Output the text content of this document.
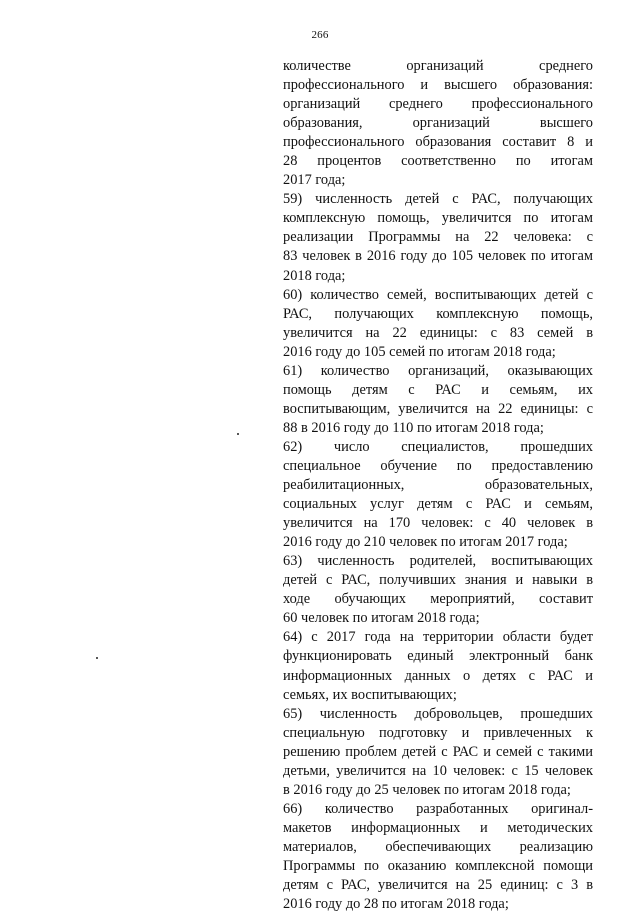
266
количестве организаций среднего
профессионального и высшего образования:
организаций среднего профессионального
образования, организаций высшего
профессионального образования составит 8 и
28 процентов соответственно по итогам
2017 года;
59) численность детей с РАС, получающих
комплексную помощь, увеличится по итогам
реализации Программы на 22 человека: с
83 человек в 2016 году до 105 человек по итогам
2018 года;
60) количество семей, воспитывающих детей с
РАС, получающих комплексную помощь,
увеличится на 22 единицы: с 83 семей в
2016 году до 105 семей по итогам 2018 года;
61) количество организаций, оказывающих
помощь детям с РАС и семьям, их
воспитывающим, увеличится на 22 единицы: с
88 в 2016 году до 110 по итогам 2018 года;
62) число специалистов, прошедших
специальное обучение по предоставлению
реабилитационных, образовательных,
социальных услуг детям с РАС и семьям,
увеличится на 170 человек: с 40 человек в
2016 году до 210 человек по итогам 2017 года;
63) численность родителей, воспитывающих
детей с РАС, получивших знания и навыки в
ходе обучающих мероприятий, составит
60 человек по итогам 2018 года;
64) с 2017 года на территории области будет
функционировать единый электронный банк
информационных данных о детях с РАС и
семьях, их воспитывающих;
65) численность добровольцев, прошедших
специальную подготовку и привлеченных к
решению проблем детей с РАС и семей с такими
детьми, увеличится на 10 человек: с 15 человек
в 2016 году до 25 человек по итогам 2018 года;
66) количество разработанных оригинал-
макетов информационных и методических
материалов, обеспечивающих реализацию
Программы по оказанию комплексной помощи
детям с РАС, увеличится на 25 единиц: с 3 в
2016 году до 28 по итогам 2018 года;
